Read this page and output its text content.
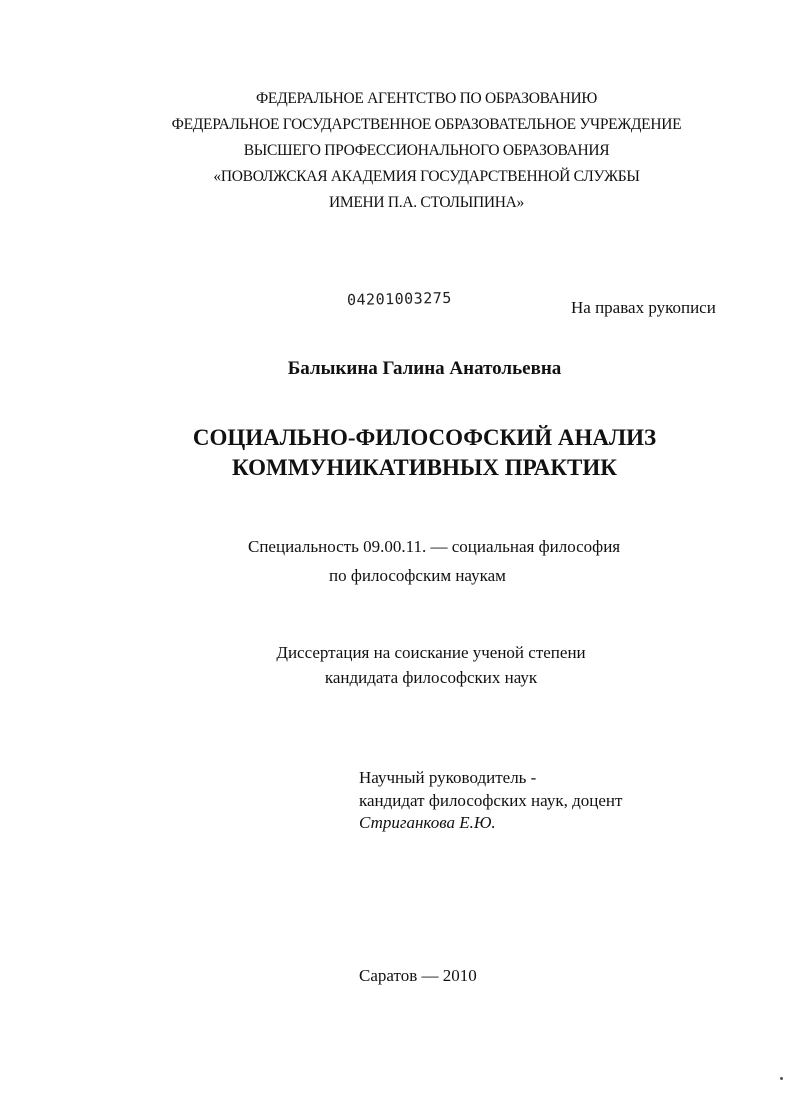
ФЕДЕРАЛЬНОЕ АГЕНТСТВО ПО ОБРАЗОВАНИЮ
ФЕДЕРАЛЬНОЕ ГОСУДАРСТВЕННОЕ ОБРАЗОВАТЕЛЬНОЕ УЧРЕЖДЕНИЕ
ВЫСШЕГО ПРОФЕССИОНАЛЬНОГО ОБРАЗОВАНИЯ
«ПОВОЛЖСКАЯ АКАДЕМИЯ ГОСУДАРСТВЕННОЙ СЛУЖБЫ
ИМЕНИ П.А. СТОЛЫПИНА»
04201003275	На правах рукописи
Балыкина Галина Анатольевна
СОЦИАЛЬНО-ФИЛОСОФСКИЙ АНАЛИЗ
КОММУНИКАТИВНЫХ ПРАКТИК
Специальность 09.00.11. — социальная философия
по философским наукам
Диссертация на соискание ученой степени
кандидата философских наук
Научный руководитель -
кандидат философских наук, доцент
Стриганкова Е.Ю.
Саратов — 2010
